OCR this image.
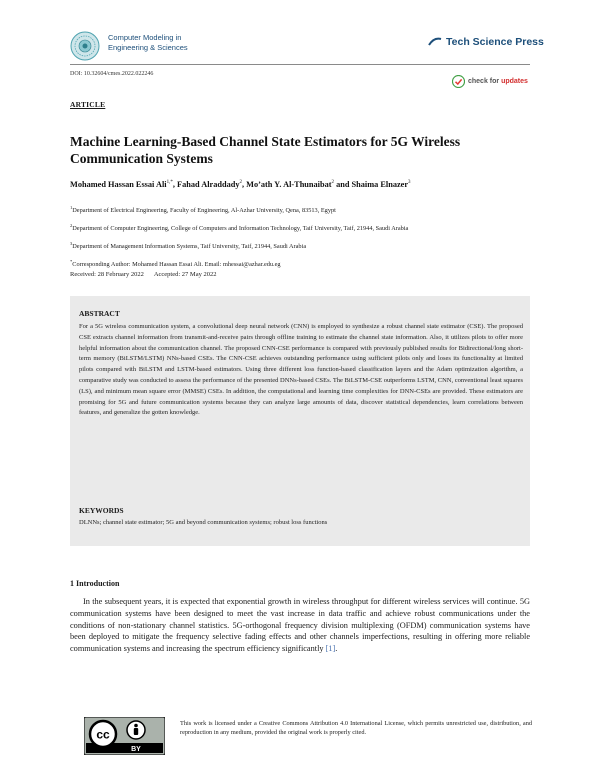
Computer Modeling in
Engineering & Sciences	Tech Science Press
DOI: 10.32604/cmes.2022.022246
check for updates
ARTICLE
Machine Learning-Based Channel State Estimators for 5G Wireless Communication Systems
Mohamed Hassan Essai Ali$^{1,*}$, Fahad Alraddady$^2$, Mo’ath Y. Al-Thunaibat$^2$ and Shaima Elnazer$^3$

$^1$Department of Electrical Engineering, Faculty of Engineering, Al-Azhar University, Qena, 83513, Egypt

$^2$Department of Computer Engineering, College of Computers and Information Technology, Taif University, Taif, 21944, Saudi Arabia

$^3$Department of Management Information Systems, Taif University, Taif, 21944, Saudi Arabia

*Corresponding Author: Mohamed Hassan Essai Ali. Email: mhessai@azhar.edu.eg

Received: 28 February 2022 Accepted: 27 May 2022
ABSTRACT
For a 5G wireless communication system, a convolutional deep neural network (CNN) is employed to synthesize a robust channel state estimator (CSE). The proposed CSE extracts channel information from transmit-and-receive pairs through offline training to estimate the channel state information. Also, it utilizes pilots to offer more helpful information about the communication channel. The proposed CNN-CSE performance is compared with previously published results for Bidirectional/long short-term memory (BiLSTM/LSTM) NNs-based CSEs. The CNN-CSE achieves outstanding performance using sufficient pilots only and loses its functionality at limited pilots compared with BiLSTM and LSTM-based estimators. Using three different loss function-based classification layers and the Adam optimization algorithm, a comparative study was conducted to assess the performance of the presented DNNs-based CSEs. The BiLSTM-CSE outperforms LSTM, CNN, conventional least squares (LS), and minimum mean square error (MMSE) CSEs. In addition, the computational and learning time complexities for DNN-CSEs are provided. These estimators are promising for 5G and future communication systems because they can analyze large amounts of data, discover statistical dependencies, learn correlations between features, and generalize the gotten knowledge.
KEYWORDS
DLNNs; channel state estimator; 5G and beyond communication systems; robust loss functions
1 Introduction
In the subsequent years, it is expected that exponential growth in wireless throughput for different wireless services will continue. 5G communication systems have been designed to meet the vast increase in data traffic and achieve robust communications under the conditions of non-stationary channel statistics. 5G-orthogonal frequency division multiplexing (OFDM) communication systems have been deployed to mitigate the frequency selective fading effects and other channels imperfections, resulting in offering more reliable communication systems and increasing the spectrum efficiency significantly [1].
cc
BY
This work is licensed under a Creative Commons Attribution 4.0 International License, which permits unrestricted use, distribution, and reproduction in any medium, provided the original work is properly cited.
